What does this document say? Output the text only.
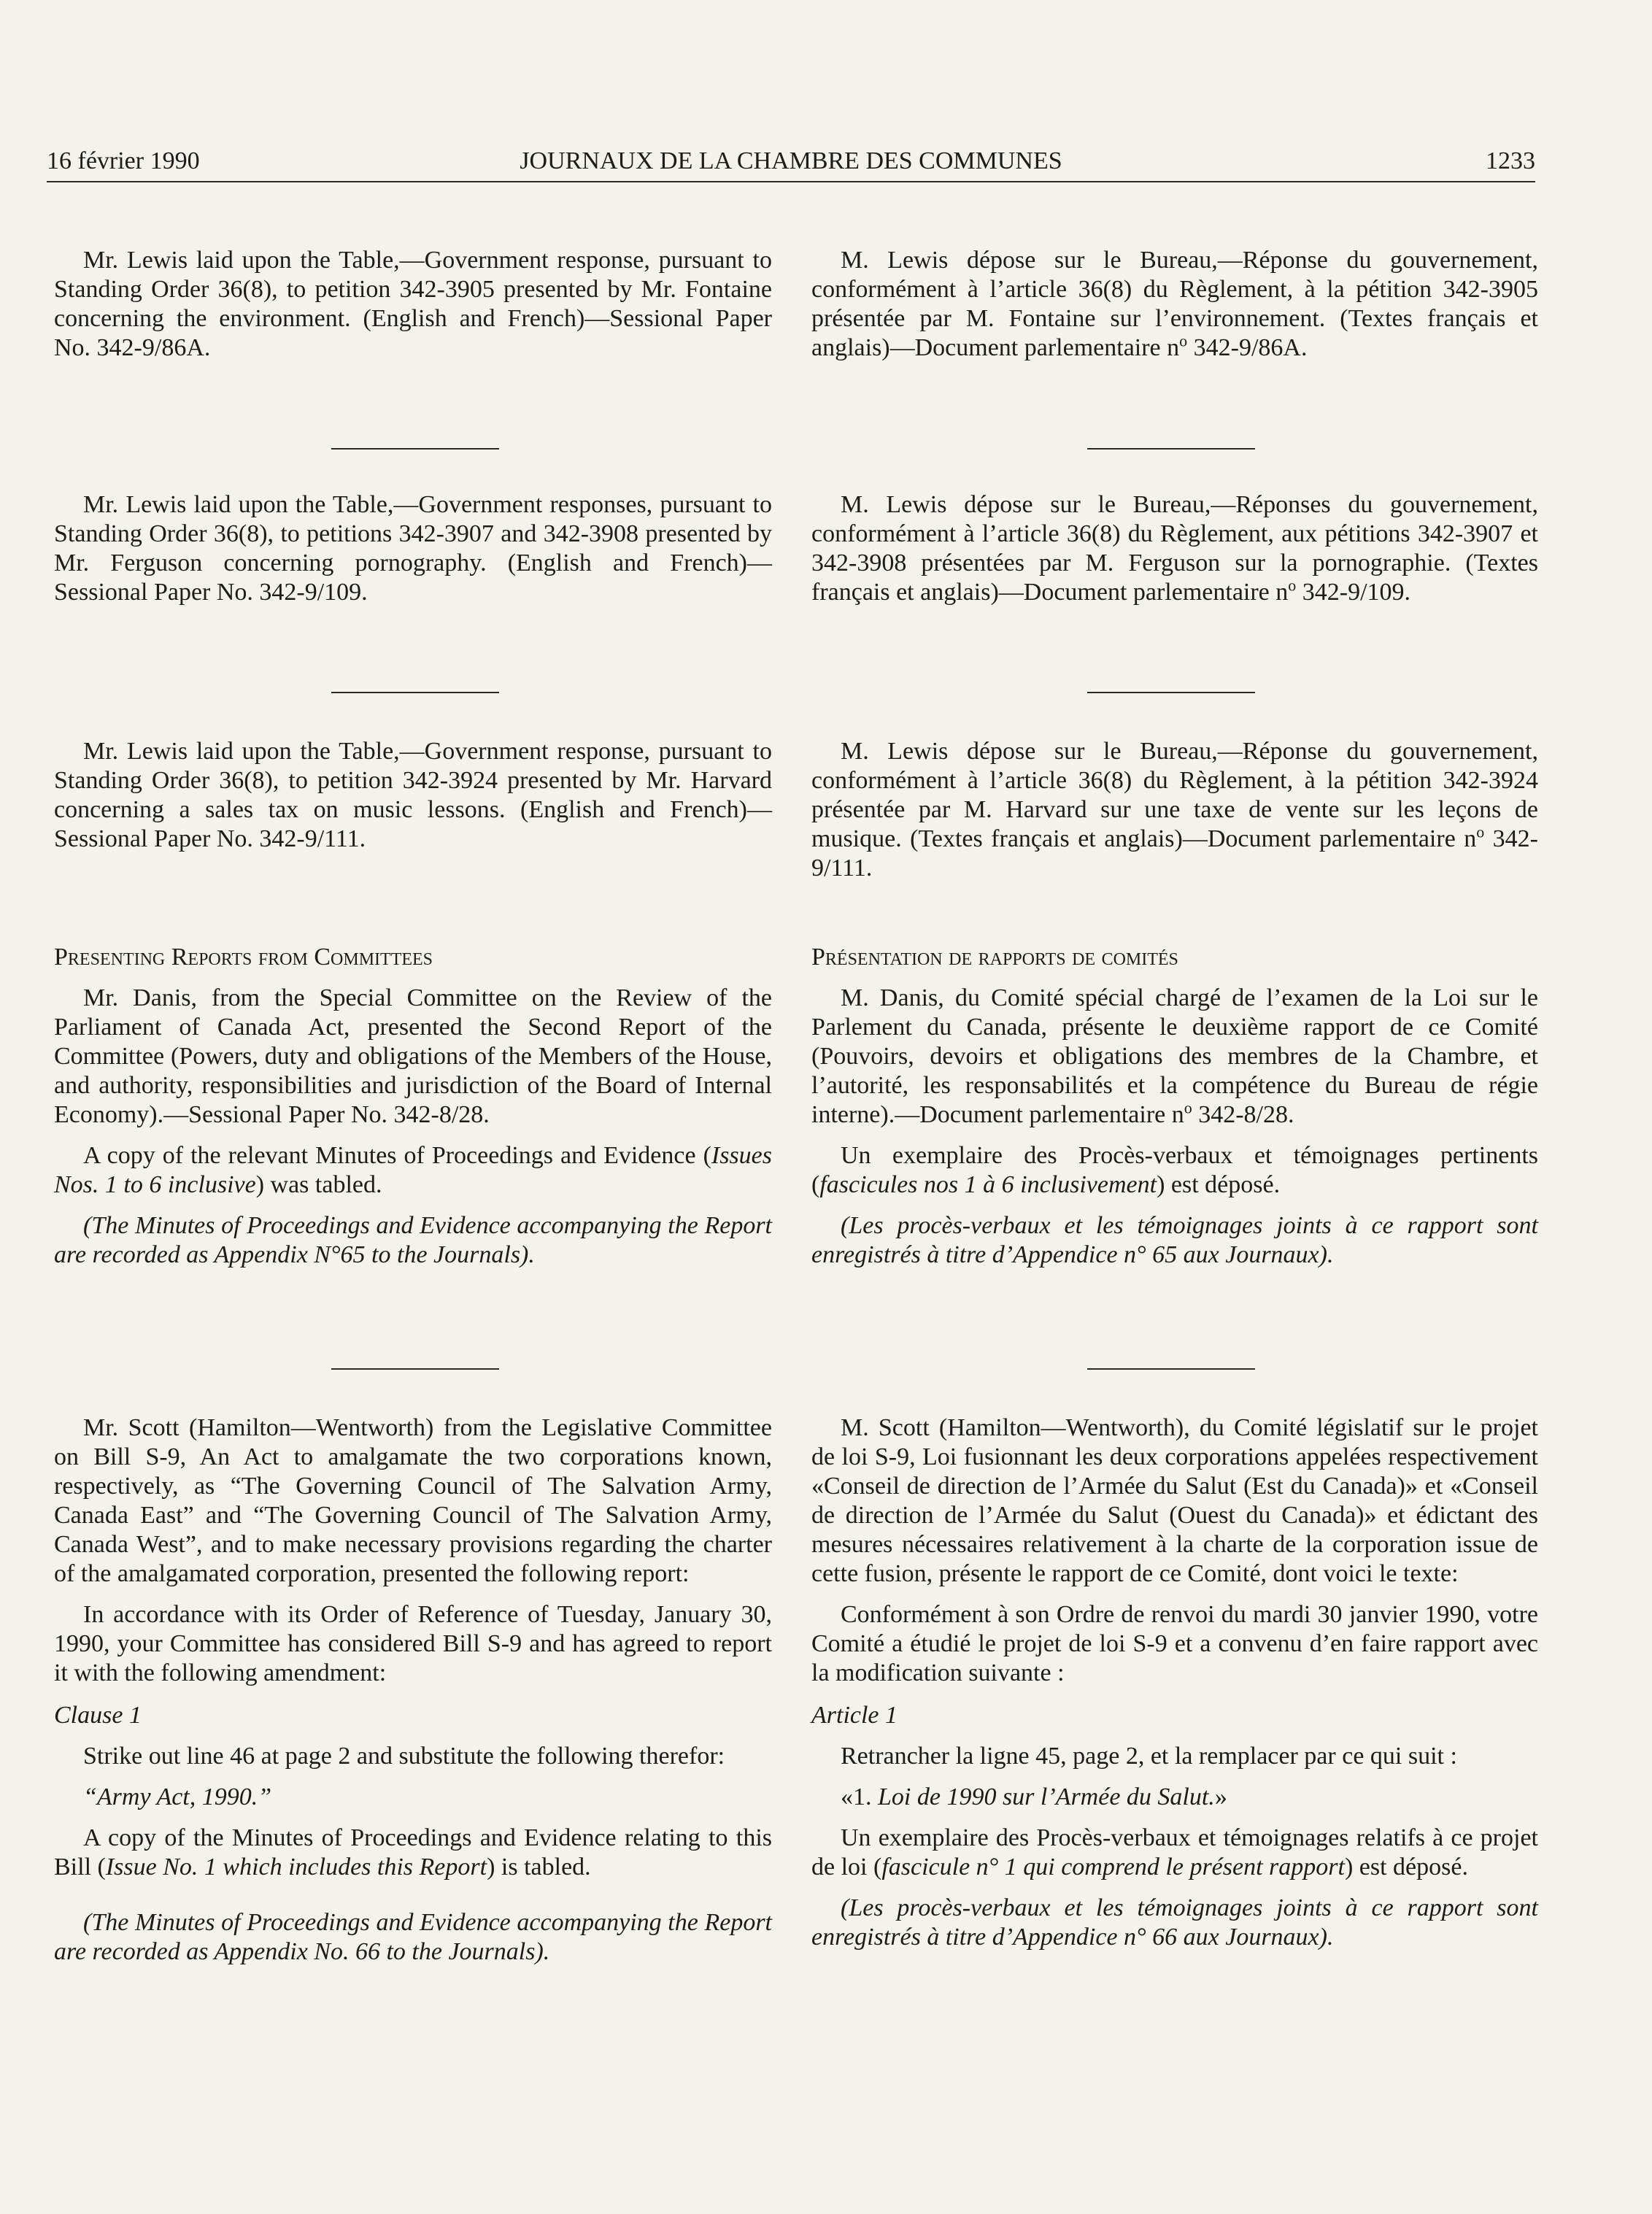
16 février 1990	JOURNAUX DE LA CHAMBRE DES COMMUNES	1233

Mr. Lewis laid upon the Table,—Government response, pursuant to Standing Order 36(8), to petition 342-3905 presented by Mr. Fontaine concerning the environment. (English and French)—Sessional Paper No. 342-9/86A.

Mr. Lewis laid upon the Table,—Government responses, pursuant to Standing Order 36(8), to petitions 342-3907 and 342-3908 presented by Mr. Ferguson concerning pornography. (English and French)—Sessional Paper No. 342-9/109.

Mr. Lewis laid upon the Table,—Government response, pursuant to Standing Order 36(8), to petition 342-3924 presented by Mr. Harvard concerning a sales tax on music lessons. (English and French)—Sessional Paper No. 342-9/111.

Presenting Reports from Committees

Mr. Danis, from the Special Committee on the Review of the Parliament of Canada Act, presented the Second Report of the Committee (Powers, duty and obligations of the Members of the House, and authority, responsibilities and jurisdiction of the Board of Internal Economy).—Sessional Paper No. 342-8/28.

A copy of the relevant Minutes of Proceedings and Evidence (Issues Nos. 1 to 6 inclusive) was tabled.

(The Minutes of Proceedings and Evidence accompanying the Report are recorded as Appendix N°65 to the Journals).

Mr. Scott (Hamilton—Wentworth) from the Legislative Committee on Bill S-9, An Act to amalgamate the two corporations known, respectively, as “The Governing Council of The Salvation Army, Canada East” and “The Governing Council of The Salvation Army, Canada West”, and to make necessary provisions regarding the charter of the amalgamated corporation, presented the following report:

In accordance with its Order of Reference of Tuesday, January 30, 1990, your Committee has considered Bill S-9 and has agreed to report it with the following amendment:

Clause 1

Strike out line 46 at page 2 and substitute the following therefor:

“Army Act, 1990.”

A copy of the Minutes of Proceedings and Evidence relating to this Bill (Issue No. 1 which includes this Report) is tabled.

(The Minutes of Proceedings and Evidence accompanying the Report are recorded as Appendix No. 66 to the Journals).

M. Lewis dépose sur le Bureau,—Réponse du gouvernement, conformément à l’article 36(8) du Règlement, à la pétition 342-3905 présentée par M. Fontaine sur l’environnement. (Textes français et anglais)—Document parlementaire $n^o$ 342-9/86A.

M. Lewis dépose sur le Bureau,—Réponses du gouvernement, conformément à l’article 36(8) du Règlement, aux pétitions 342-3907 et 342-3908 présentées par M. Ferguson sur la pornographie. (Textes français et anglais)—Document parlementaire $n^o$ 342-9/109.

M. Lewis dépose sur le Bureau,—Réponse du gouvernement, conformément à l’article 36(8) du Règlement, à la pétition 342-3924 présentée par M. Harvard sur une taxe de vente sur les leçons de musique. (Textes français et anglais)—Document parlementaire $n^o$ 342-9/111.

Présentation de rapports de comités

M. Danis, du Comité spécial chargé de l’examen de la Loi sur le Parlement du Canada, présente le deuxième rapport de ce Comité (Pouvoirs, devoirs et obligations des membres de la Chambre, et l’autorité, les responsabilités et la compétence du Bureau de régie interne).—Document parlementaire $n^o$ 342-8/28.

Un exemplaire des Procès-verbaux et témoignages pertinents (fascicules nos 1 à 6 inclusivement) est déposé.

(Les procès-verbaux et les témoignages joints à ce rapport sont enregistrés à titre d’Appendice n° 65 aux Journaux).

M. Scott (Hamilton—Wentworth), du Comité législatif sur le projet de loi S-9, Loi fusionnant les deux corporations appelées respectivement «Conseil de direction de l’Armée du Salut (Est du Canada)» et «Conseil de direction de l’Armée du Salut (Ouest du Canada)» et édictant des mesures nécessaires relativement à la charte de la corporation issue de cette fusion, présente le rapport de ce Comité, dont voici le texte:

Conformément à son Ordre de renvoi du mardi 30 janvier 1990, votre Comité a étudié le projet de loi S-9 et a convenu d’en faire rapport avec la modification suivante :

Article 1

Retrancher la ligne 45, page 2, et la remplacer par ce qui suit :

«1. Loi de 1990 sur l’Armée du Salut.»

Un exemplaire des Procès-verbaux et témoignages relatifs à ce projet de loi (fascicule n° 1 qui comprend le présent rapport) est déposé.

(Les procès-verbaux et les témoignages joints à ce rapport sont enregistrés à titre d’Appendice n° 66 aux Journaux).
